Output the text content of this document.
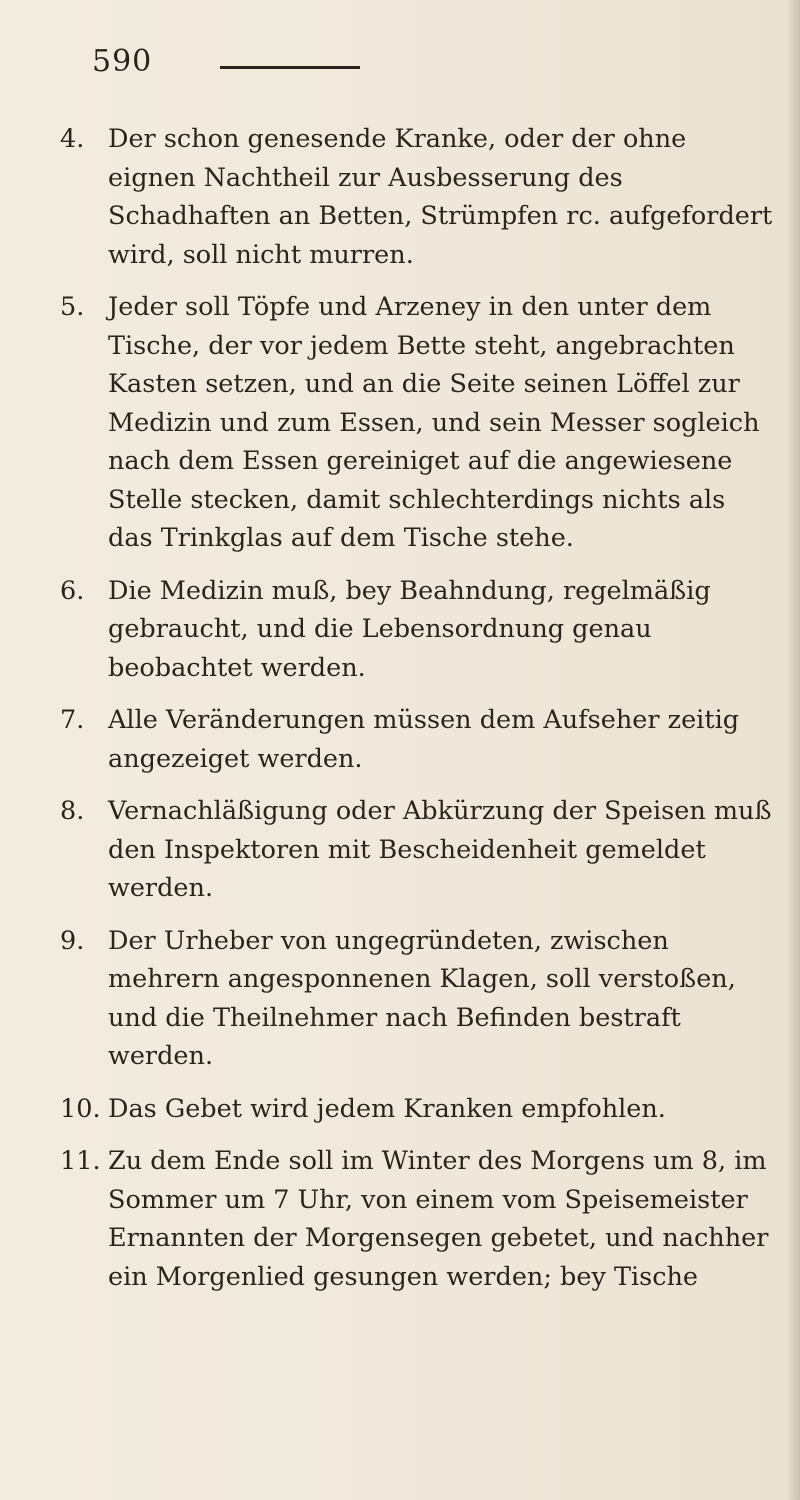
590
4. Der schon genesende Kranke, oder der ohne eignen Nachtheil zur Ausbesserung des Schadhaften an Betten, Strümpfen rc. aufgefordert wird, soll nicht murren.
5. Jeder soll Töpfe und Arzeney in den unter dem Tische, der vor jedem Bette steht, angebrachten Kasten setzen, und an die Seite seinen Löffel zur Medizin und zum Essen, und sein Messer sogleich nach dem Essen gereiniget auf die angewiesene Stelle stecken, damit schlechterdings nichts als das Trinkglas auf dem Tische stehe.
6. Die Medizin muß, bey Beahndung, regelmäßig gebraucht, und die Lebensordnung genau beobachtet werden.
7. Alle Veränderungen müssen dem Aufseher zeitig angezeiget werden.
8. Vernachläßigung oder Abkürzung der Speisen muß den Inspektoren mit Bescheidenheit gemeldet werden.
9. Der Urheber von ungegründeten, zwischen mehrern angesponnenen Klagen, soll verstoßen, und die Theilnehmer nach Befinden bestraft werden.
10. Das Gebet wird jedem Kranken empfohlen.
11. Zu dem Ende soll im Winter des Morgens um 8, im Sommer um 7 Uhr, von einem vom Speisemeister Ernannten der Morgensegen gebetet, und nachher ein Morgenlied gesungen werden; bey Tische
